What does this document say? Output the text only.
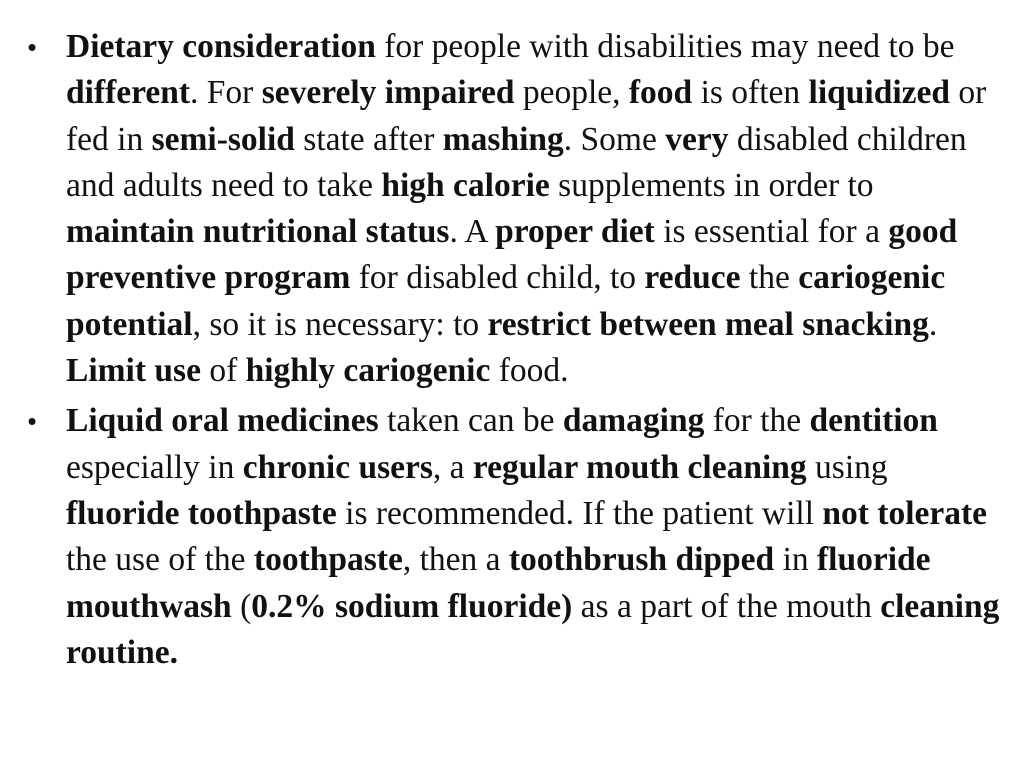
• Dietary consideration for people with disabilities may need to be different. For severely impaired people, food is often liquidized or fed in semi-solid state after mashing. Some very disabled children and adults need to take high calorie supplements in order to maintain nutritional status. A proper diet is essential for a good preventive program for disabled child, to reduce the cariogenic potential, so it is necessary: to restrict between meal snacking. Limit use of highly cariogenic food.
• Liquid oral medicines taken can be damaging for the dentition especially in chronic users, a regular mouth cleaning using fluoride toothpaste is recommended. If the patient will not tolerate the use of the toothpaste, then a toothbrush dipped in fluoride mouthwash (0.2% sodium fluoride) as a part of the mouth cleaning routine.
